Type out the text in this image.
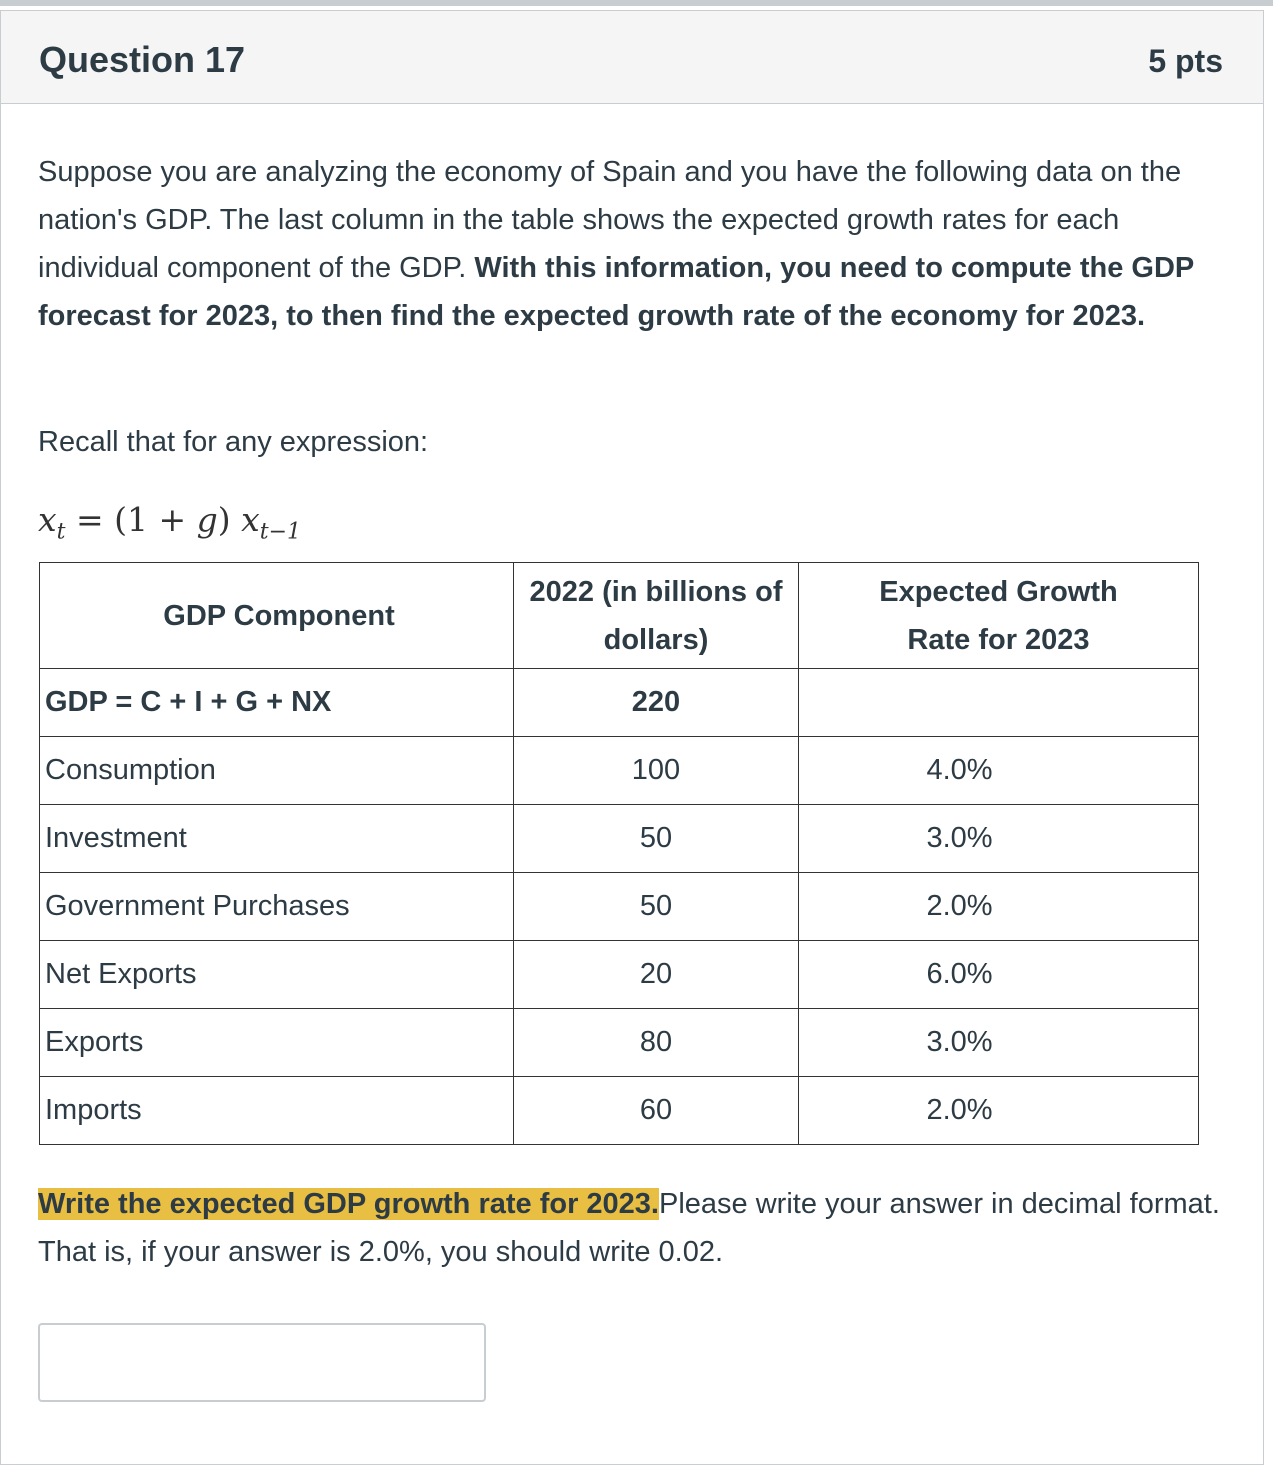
Question 17	5 pts
Suppose you are analyzing the economy of Spain and you have the following data on the nation's GDP. The last column in the table shows the expected growth rates for each individual component of the GDP. With this information, you need to compute the GDP forecast for 2023, to then find the expected growth rate of the economy for 2023.
Recall that for any expression:
$x_t = (1 + g)$ $x_{t-1}$
GDP Component	2022 (in billions of dollars)	Expected Growth Rate for 2023
GDP = C + I + G + NX	220	
Consumption	100	4.0%
Investment	50	3.0%
Government Purchases	50	2.0%
Net Exports	20	6.0%
Exports	80	3.0%
Imports	60	2.0%
Write the expected GDP growth rate for 2023.Please write your answer in decimal format. That is, if your answer is 2.0%, you should write 0.02.
